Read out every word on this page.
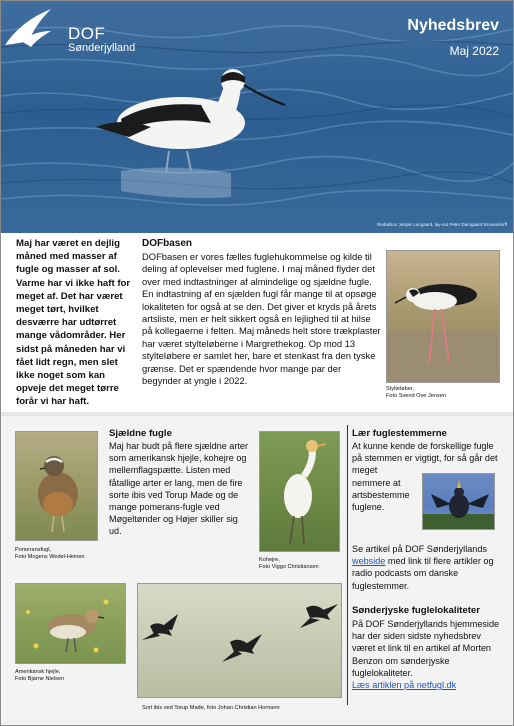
DOF
Sønderjylland
Nyhedsbrev
Maj 2022
Redaktion Jesper Langaard, lay-out Peter Damgaard Brusendorff
Maj har været en dejlig måned med masser af fugle og masser af sol. Varme har vi ikke haft for meget af. Det har været meget tørt, hvilket desværre har udtørret mange vådområder. Her sidst på måneden har vi fået lidt regn, men slet ikke noget som kan opveje det meget tørre forår vi har haft.
DOFbasen
DOFbasen er vores fælles fuglehukommelse og kilde til deling af oplevelser med fuglene. I maj måned flyder det over med indtastninger af almindelige og sjældne fugle. En indtastning af en sjælden fugl får mange til at opsøge lokaliteten for også at se den. Det giver et kryds på årets artsliste, men er helt sikkert også en lejlighed til at hilse på kollegaerne i felten. Maj måneds helt store trækplaster har været stylteløberne i Margrethekog. Op mod 13 stylteløbere er samlet her, bare et stenkast fra den tyske grænse. Det er spændende hvor mange par der begynder at yngle i 2022.
Stylteløber,
Foto Svend Ove Jensen
Pomeransfugl,
Foto Mogens Wedel-Heinen
Sjældne fugle
Maj har budt på flere sjældne arter som amerikansk hjejle, kohejre og mellemflagspætte. Listen med fåtallige arter er lang, men de fire sorte ibis ved Torup Made og de mange pomerans-fugle ved Møgeltønder og Højer skiller sig ud.
Kohejre,
Foto Viggo Christiansen
Lær fuglestemmerne
At kunne kende de forskellige fugle på stemmen er vigtigt, for så går det meget
nemmere at artsbestemme fuglene.
Se artikel på DOF Sønderjyllands webside med link til flere artikler og radio podcasts om danske fuglestemmer.
Sønderjyske fuglelokaliteter
På DOF Sønderjyllands hjemmeside har der siden sidste nyhedsbrev været et link til en artikel af Morten Benzon om sønderjyske fuglelokaliteter.
Læs artiklen på netfugl.dk
Amerikansk hjejle,
Foto Bjarne Nielsen
Sort ibis ved Torup Made, foto Johan Christian Hornann
